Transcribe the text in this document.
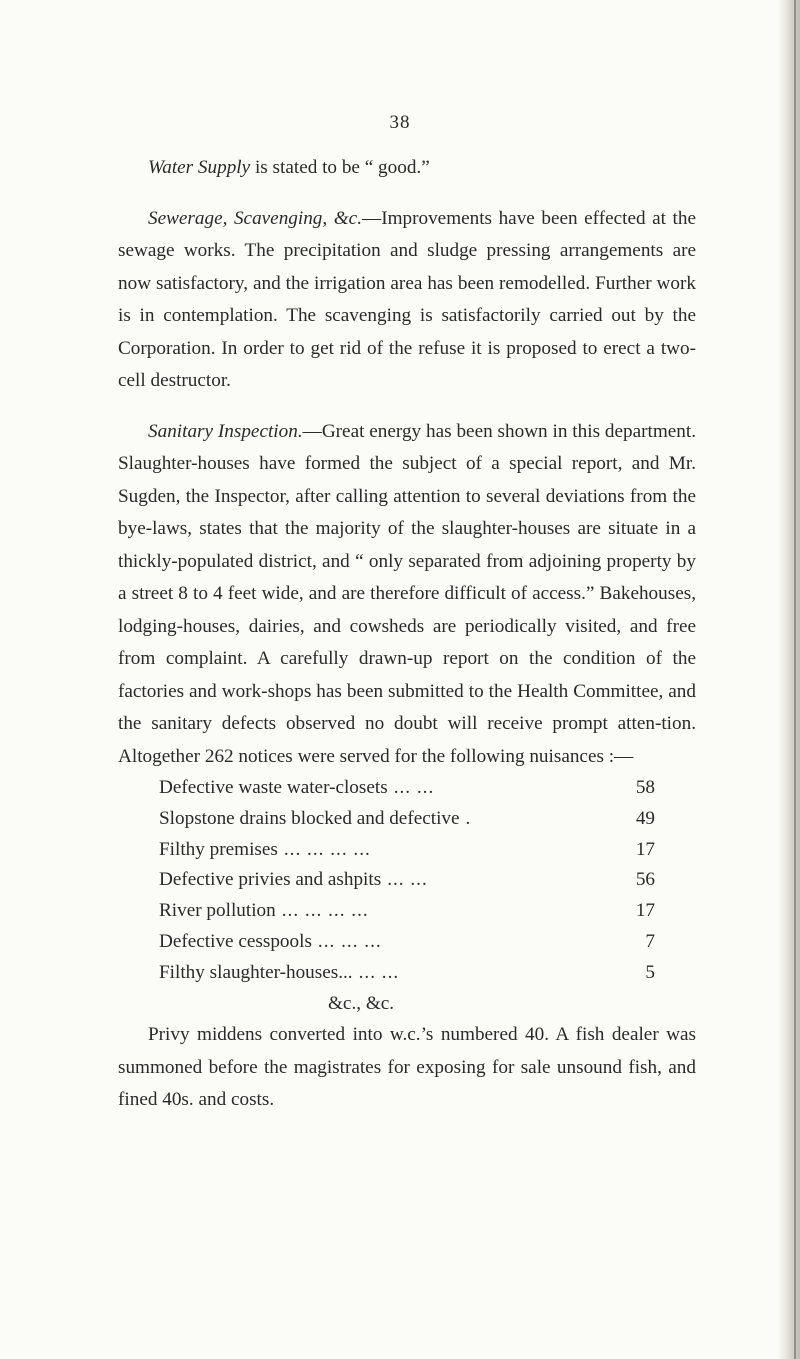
38

Water Supply is stated to be “ good.”

Sewerage, Scavenging, &c.—Improvements have been effected at the sewage works. The precipitation and sludge pressing arrangements are now satisfactory, and the irrigation area has been remodelled. Further work is in contemplation. The scavenging is satisfactorily carried out by the Corporation. In order to get rid of the refuse it is proposed to erect a two-cell destructor.

Sanitary Inspection.—Great energy has been shown in this department. Slaughter-houses have formed the subject of a special report, and Mr. Sugden, the Inspector, after calling attention to several deviations from the bye-laws, states that the majority of the slaughter-houses are situate in a thickly-populated district, and “ only separated from adjoining property by a street 8 to 4 feet wide, and are therefore difficult of access.” Bakehouses, lodging-houses, dairies, and cowsheds are periodically visited, and free from complaint. A carefully drawn-up report on the condition of the factories and work-shops has been submitted to the Health Committee, and the sanitary defects observed no doubt will receive prompt atten-tion. Altogether 262 notices were served for the following nuisances :—

Defective waste water-closets ... ...	58
Slopstone drains blocked and defective .	49
Filthy premises ... ... ... ...	17
Defective privies and ashpits ... ...	56
River pollution ... ... ... ...	17
Defective cesspools ... ... ...	7
Filthy slaughter-houses... ... ...	5
&c., &c.

Privy middens converted into w.c.’s numbered 40. A fish dealer was summoned before the magistrates for exposing for sale unsound fish, and fined 40s. and costs.
